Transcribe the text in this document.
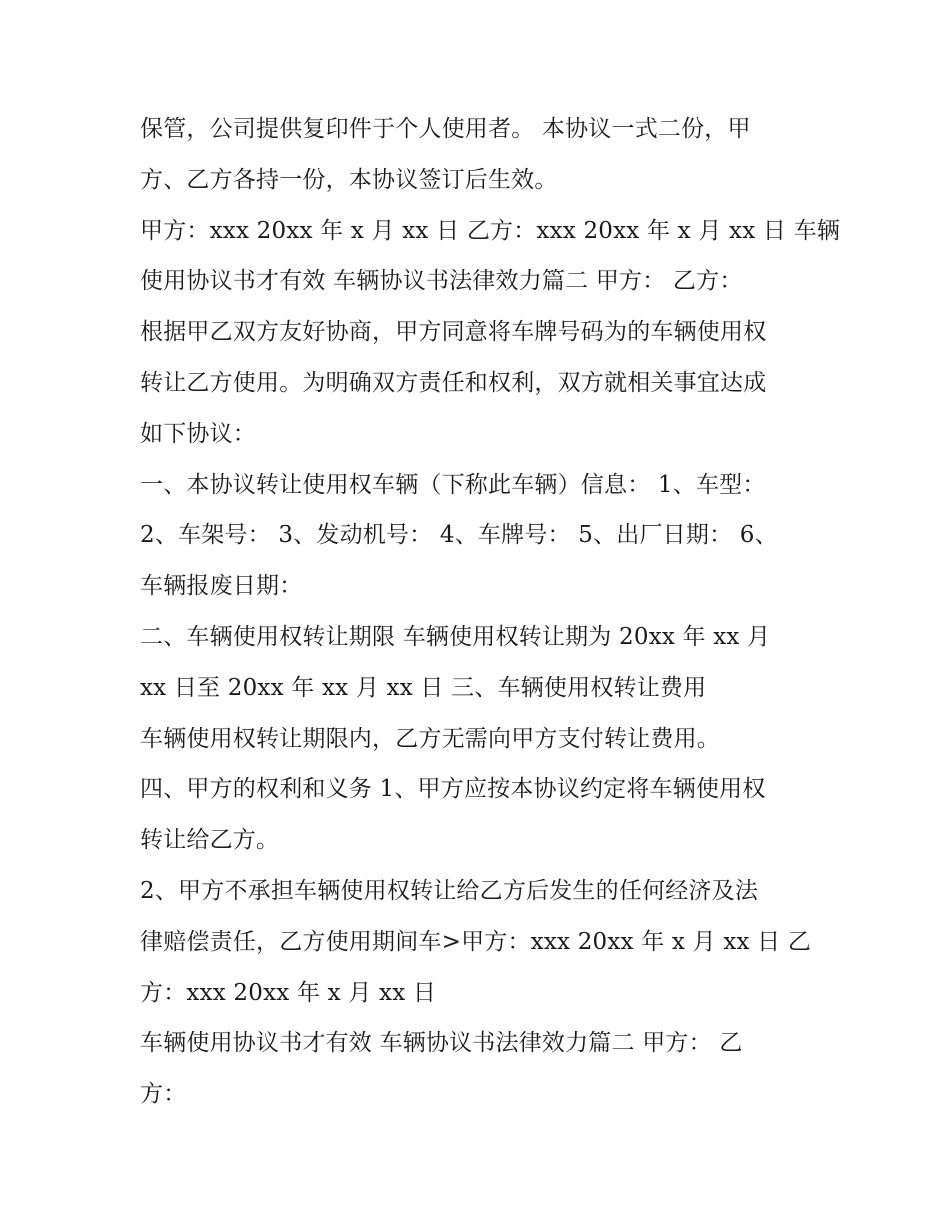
保管，公司提供复印件于个人使用者。 本协议一式二份，甲
方、乙方各持一份，本协议签订后生效。
甲方：xxx 20xx 年 x 月 xx 日 乙方：xxx 20xx 年 x 月 xx 日 车辆
使用协议书才有效 车辆协议书法律效力篇二 甲方： 乙方：
根据甲乙双方友好协商，甲方同意将车牌号码为的车辆使用权
转让乙方使用。为明确双方责任和权利，双方就相关事宜达成
如下协议：
一、本协议转让使用权车辆（下称此车辆）信息： 1、车型：
2、车架号： 3、发动机号： 4、车牌号： 5、出厂日期： 6、
车辆报废日期：
二、车辆使用权转让期限 车辆使用权转让期为 20xx 年 xx 月
xx 日至 20xx 年 xx 月 xx 日 三、车辆使用权转让费用
车辆使用权转让期限内，乙方无需向甲方支付转让费用。
四、甲方的权利和义务 1、甲方应按本协议约定将车辆使用权
转让给乙方。
2、甲方不承担车辆使用权转让给乙方后发生的任何经济及法
律赔偿责任，乙方使用期间车>甲方：xxx 20xx 年 x 月 xx 日 乙
方：xxx 20xx 年 x 月 xx 日
车辆使用协议书才有效 车辆协议书法律效力篇二 甲方： 乙
方：
